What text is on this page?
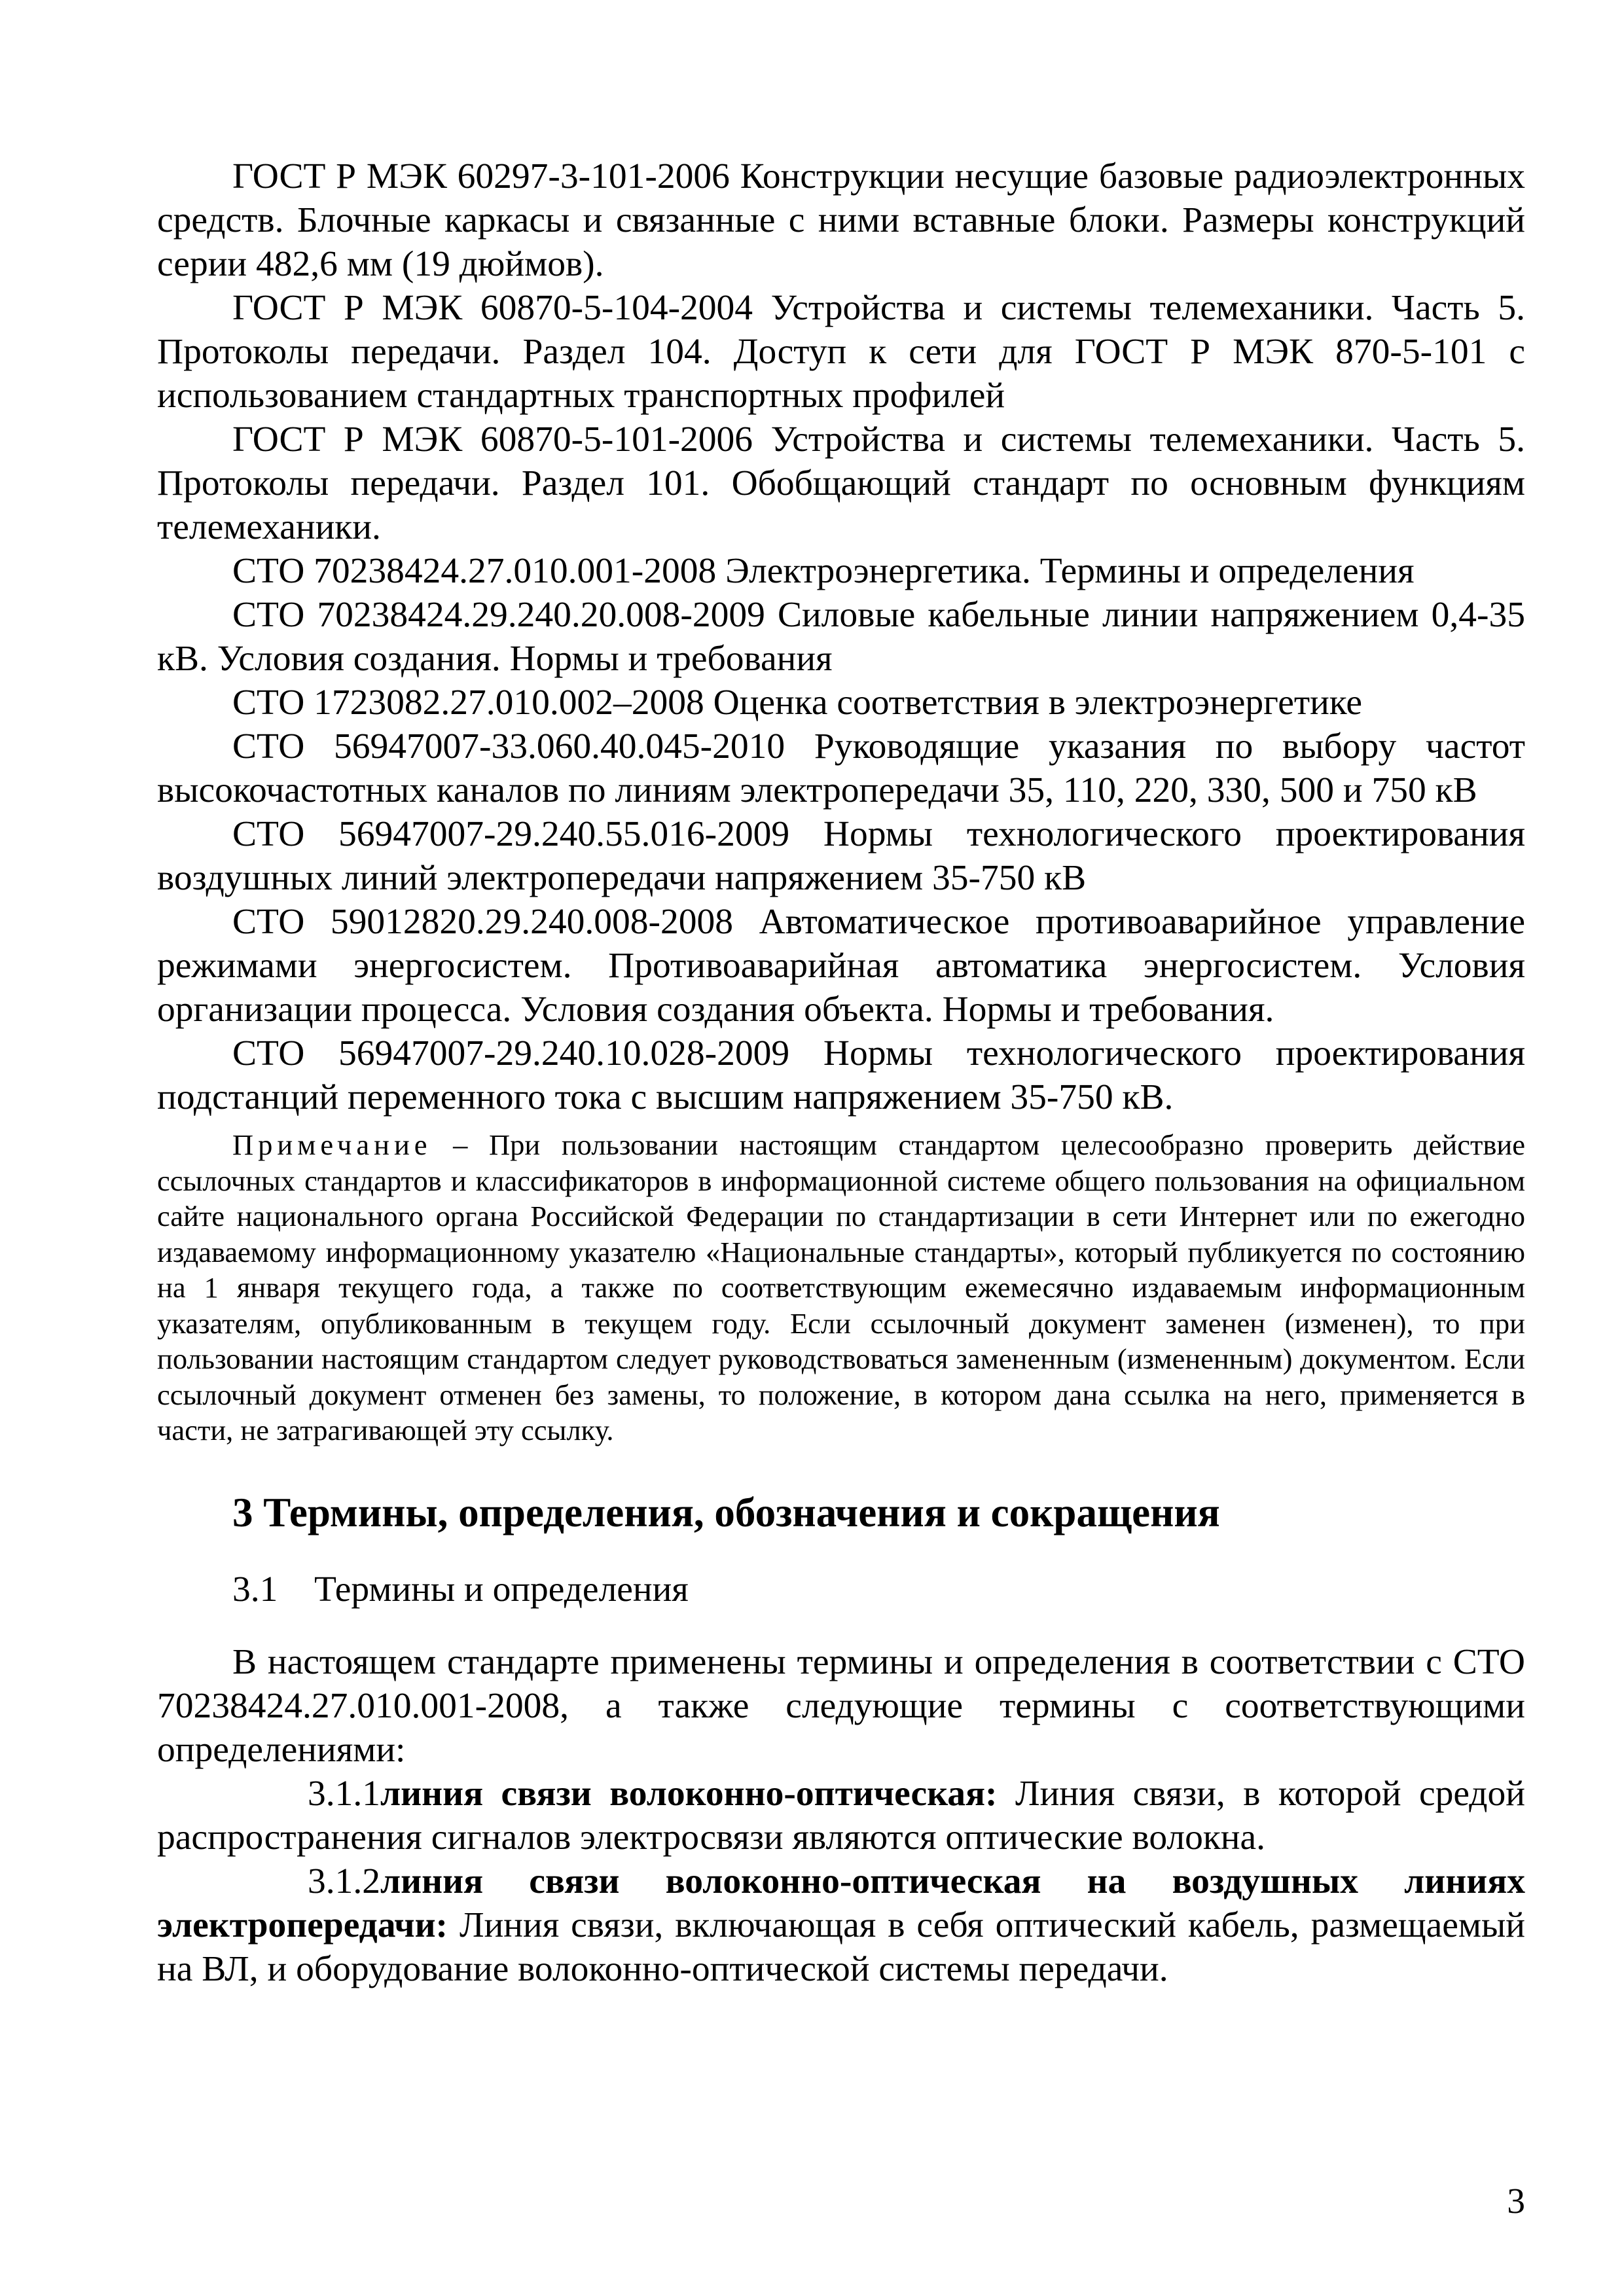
ГОСТ Р МЭК 60297-3-101-2006 Конструкции несущие базовые радиоэлектронных средств. Блочные каркасы и связанные с ними вставные блоки. Размеры конструкций серии 482,6 мм (19 дюймов).

ГОСТ Р МЭК 60870-5-104-2004 Устройства и системы телемеханики. Часть 5. Протоколы передачи. Раздел 104. Доступ к сети для ГОСТ Р МЭК 870-5-101 с использованием стандартных транспортных профилей

ГОСТ Р МЭК 60870-5-101-2006 Устройства и системы телемеханики. Часть 5. Протоколы передачи. Раздел 101. Обобщающий стандарт по основным функциям телемеханики.

СТО 70238424.27.010.001-2008 Электроэнергетика. Термины и определения

СТО 70238424.29.240.20.008-2009 Силовые кабельные линии напряжением 0,4-35 кВ. Условия создания. Нормы и требования

СТО 1723082.27.010.002–2008 Оценка соответствия в электроэнергетике

СТО 56947007-33.060.40.045-2010 Руководящие указания по выбору частот высокочастотных каналов по линиям электропередачи 35, 110, 220, 330, 500 и 750 кВ

СТО 56947007-29.240.55.016-2009 Нормы технологического проектирования воздушных линий электропередачи напряжением 35-750 кВ

СТО 59012820.29.240.008-2008 Автоматическое противоаварийное управление режимами энергосистем. Противоаварийная автоматика энергосистем. Условия организации процесса. Условия создания объекта. Нормы и требования.

СТО 56947007-29.240.10.028-2009 Нормы технологического проектирования подстанций переменного тока с высшим напряжением 35-750 кВ.

Примечание – При пользовании настоящим стандартом целесообразно проверить действие ссылочных стандартов и классификаторов в информационной системе общего пользования на официальном сайте национального органа Российской Федерации по стандартизации в сети Интернет или по ежегодно издаваемому информационному указателю «Национальные стандарты», который публикуется по состоянию на 1 января текущего года, а также по соответствующим ежемесячно издаваемым информационным указателям, опубликованным в текущем году. Если ссылочный документ заменен (изменен), то при пользовании настоящим стандартом следует руководствоваться замененным (измененным) документом. Если ссылочный документ отменен без замены, то положение, в котором дана ссылка на него, применяется в части, не затрагивающей эту ссылку.

3 Термины, определения, обозначения и сокращения
3.1 Термины и определения

В настоящем стандарте применены термины и определения в соответствии с СТО 70238424.27.010.001-2008, а также следующие термины с соответствующими определениями:

3.1.1линия связи волоконно-оптическая: Линия связи, в которой средой распространения сигналов электросвязи являются оптические волокна.

3.1.2линия связи волоконно-оптическая на воздушных линиях электропередачи: Линия связи, включающая в себя оптический кабель, размещаемый на ВЛ, и оборудование волоконно-оптической системы передачи.

3
